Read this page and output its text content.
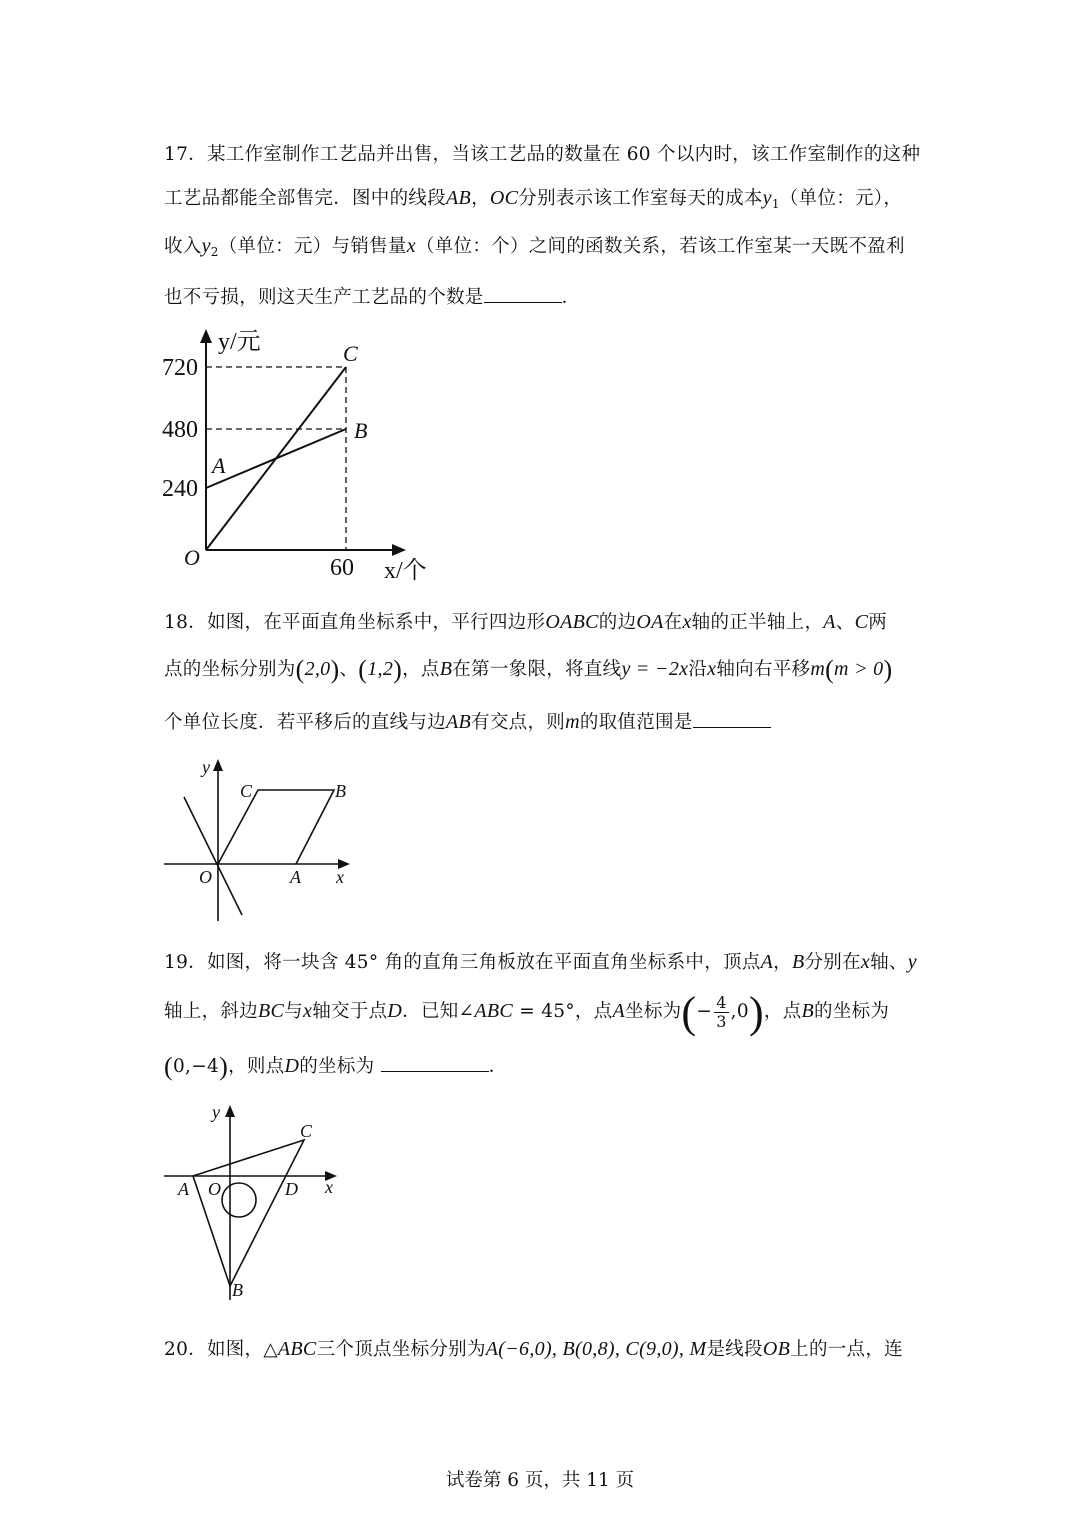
17．某工作室制作工艺品并出售，当该工艺品的数量在 60 个以内时，该工作室制作的这种
工艺品都能全部售完．图中的线段AB，OC分别表示该工作室每天的成本$y_1$（单位：元），
收入$y_2$（单位：元）与销售量x（单位：个）之间的函数关系，若该工作室某一天既不盈利
也不亏损，则这天生产工艺品的个数是	．
y/元
720
480
240
A
B
C
O	60 x/个
18．如图，在平面直角坐标系中，平行四边形OABC的边OA在x轴的正半轴上，A、C两
点的坐标分别为(2,0)、(1,2)，点B在第一象限，将直线y = −2x沿x轴向右平移m(m > 0)
个单位长度．若平移后的直线与边AB有交点，则m的取值范围是
y
C	B
O	A x
19．如图，将一块含 45° 角的直角三角板放在平面直角坐标系中，顶点A，B分别在x轴、y
轴上，斜边BC与x轴交于点D．已知∠ABC = 45°，点A坐标为(− $\frac{4}{3} ,0$)，点B的坐标为
(0,−4)，则点D的坐标为	．
y
C
A O	D x
B
20．如图，△ABC三个顶点坐标分别为A(−6,0), B(0,8), C(9,0), M是线段OB上的一点，连
试卷第 6 页，共 11 页
